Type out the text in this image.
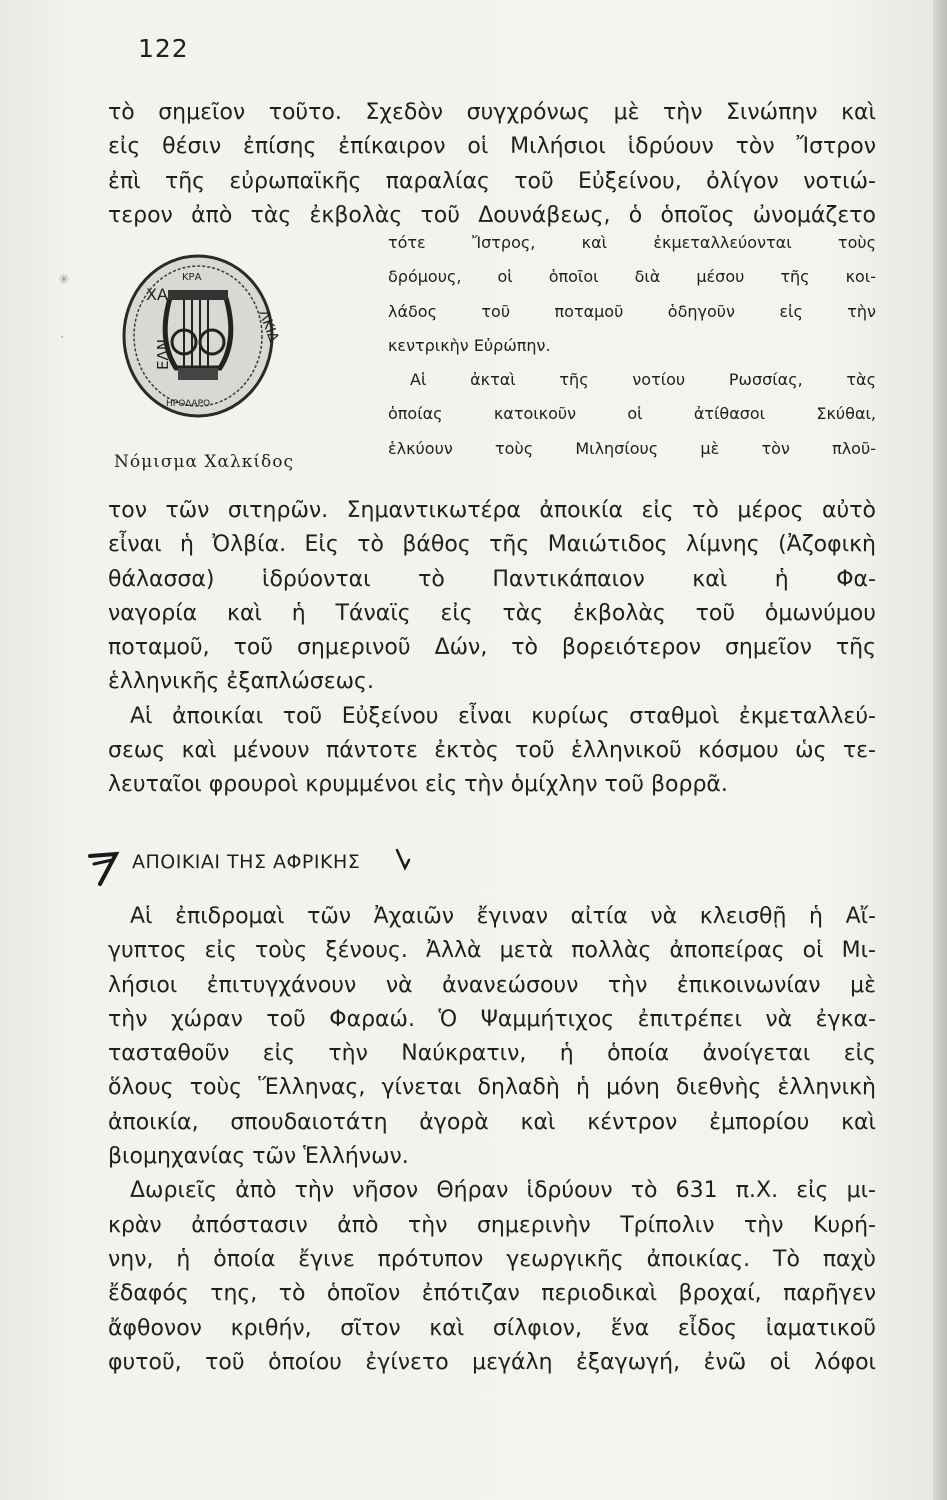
122
τὸ σημεῖον τοῦτο. Σχεδὸν συγχρόνως μὲ τὴν Σινώπην καὶ
εἰς θέσιν ἐπίσης ἐπίκαιρον οἱ Μιλήσιοι ἱδρύουν τὸν Ἴστρον
ἐπὶ τῆς εὐρωπαϊκῆς παραλίας τοῦ Εὐξείνου, ὀλίγον νοτιώ-
τερον ἀπὸ τὰς ἐκβολὰς τοῦ Δουνάβεως, ὁ ὁποῖος ὠνομάζετο
ΚΡΑ
ΧΑ
ΛΚΙΔ
ΕΛΝ
ΗΡΟΔΑΡΟ
Νόμισμα Χαλκίδος
✳
·
τότε Ἴστρος, καὶ ἐκμεταλλεύονται τοὺς
δρόμους, οἱ ὁποῖοι διὰ μέσου τῆς κοι-
λάδος τοῦ ποταμοῦ ὁδηγοῦν εἰς τὴν
κεντρικὴν Εὐρώπην.
Αἱ ἀκταὶ τῆς νοτίου Ρωσσίας, τὰς
ὁποίας κατοικοῦν οἱ ἀτίθασοι Σκύθαι,
ἑλκύουν τοὺς Μιλησίους μὲ τὸν πλοῦ-
τον τῶν σιτηρῶν. Σημαντικωτέρα ἀποικία εἰς τὸ μέρος αὐτὸ
εἶναι ἡ Ὀλβία. Εἰς τὸ βάθος τῆς Μαιώτιδος λίμνης (Ἀζοφικὴ
θάλασσα) ἱδρύονται τὸ Παντικάπαιον καὶ ἡ Φα-
ναγορία καὶ ἡ Τάναϊς εἰς τὰς ἐκβολὰς τοῦ ὁμωνύμου
ποταμοῦ, τοῦ σημερινοῦ Δών, τὸ βορειότερον σημεῖον τῆς
ἑλληνικῆς ἐξαπλώσεως.
Αἱ ἀποικίαι τοῦ Εὐξείνου εἶναι κυρίως σταθμοὶ ἐκμεταλλεύ-
σεως καὶ μένουν πάντοτε ἐκτὸς τοῦ ἑλληνικοῦ κόσμου ὡς τε-
λευταῖοι φρουροὶ κρυμμένοι εἰς τὴν ὁμίχλην τοῦ βορρᾶ.
ΑΠΟΙΚΙΑΙ ΤΗΣ ΑΦΡΙΚΗΣ
Αἱ ἐπιδρομαὶ τῶν Ἀχαιῶν ἔγιναν αἰτία νὰ κλεισθῇ ἡ Αἴ-
γυπτος εἰς τοὺς ξένους. Ἀλλὰ μετὰ πολλὰς ἀποπείρας οἱ Μι-
λήσιοι ἐπιτυγχάνουν νὰ ἀνανεώσουν τὴν ἐπικοινωνίαν μὲ
τὴν χώραν τοῦ Φαραώ. Ὁ Ψαμμήτιχος ἐπιτρέπει νὰ ἐγκα-
τασταθοῦν εἰς τὴν Ναύκρατιν, ἡ ὁποία ἀνοίγεται εἰς
ὅλους τοὺς Ἕλληνας, γίνεται δηλαδὴ ἡ μόνη διεθνὴς ἑλληνικὴ
ἀποικία, σπουδαιοτάτη ἀγορὰ καὶ κέντρον ἐμπορίου καὶ
βιομηχανίας τῶν Ἑλλήνων.
Δωριεῖς ἀπὸ τὴν νῆσον Θήραν ἱδρύουν τὸ 631 π.Χ. εἰς μι-
κρὰν ἀπόστασιν ἀπὸ τὴν σημερινὴν Τρίπολιν τὴν Κυρή-
νην, ἡ ὁποία ἔγινε πρότυπον γεωργικῆς ἀποικίας. Τὸ παχὺ
ἔδαφός της, τὸ ὁποῖον ἐπότιζαν περιοδικαὶ βροχαί, παρῆγεν
ἄφθονον κριθήν, σῖτον καὶ σίλφιον, ἕνα εἶδος ἰαματικοῦ
φυτοῦ, τοῦ ὁποίου ἐγίνετο μεγάλη ἐξαγωγή, ἐνῶ οἱ λόφοι
